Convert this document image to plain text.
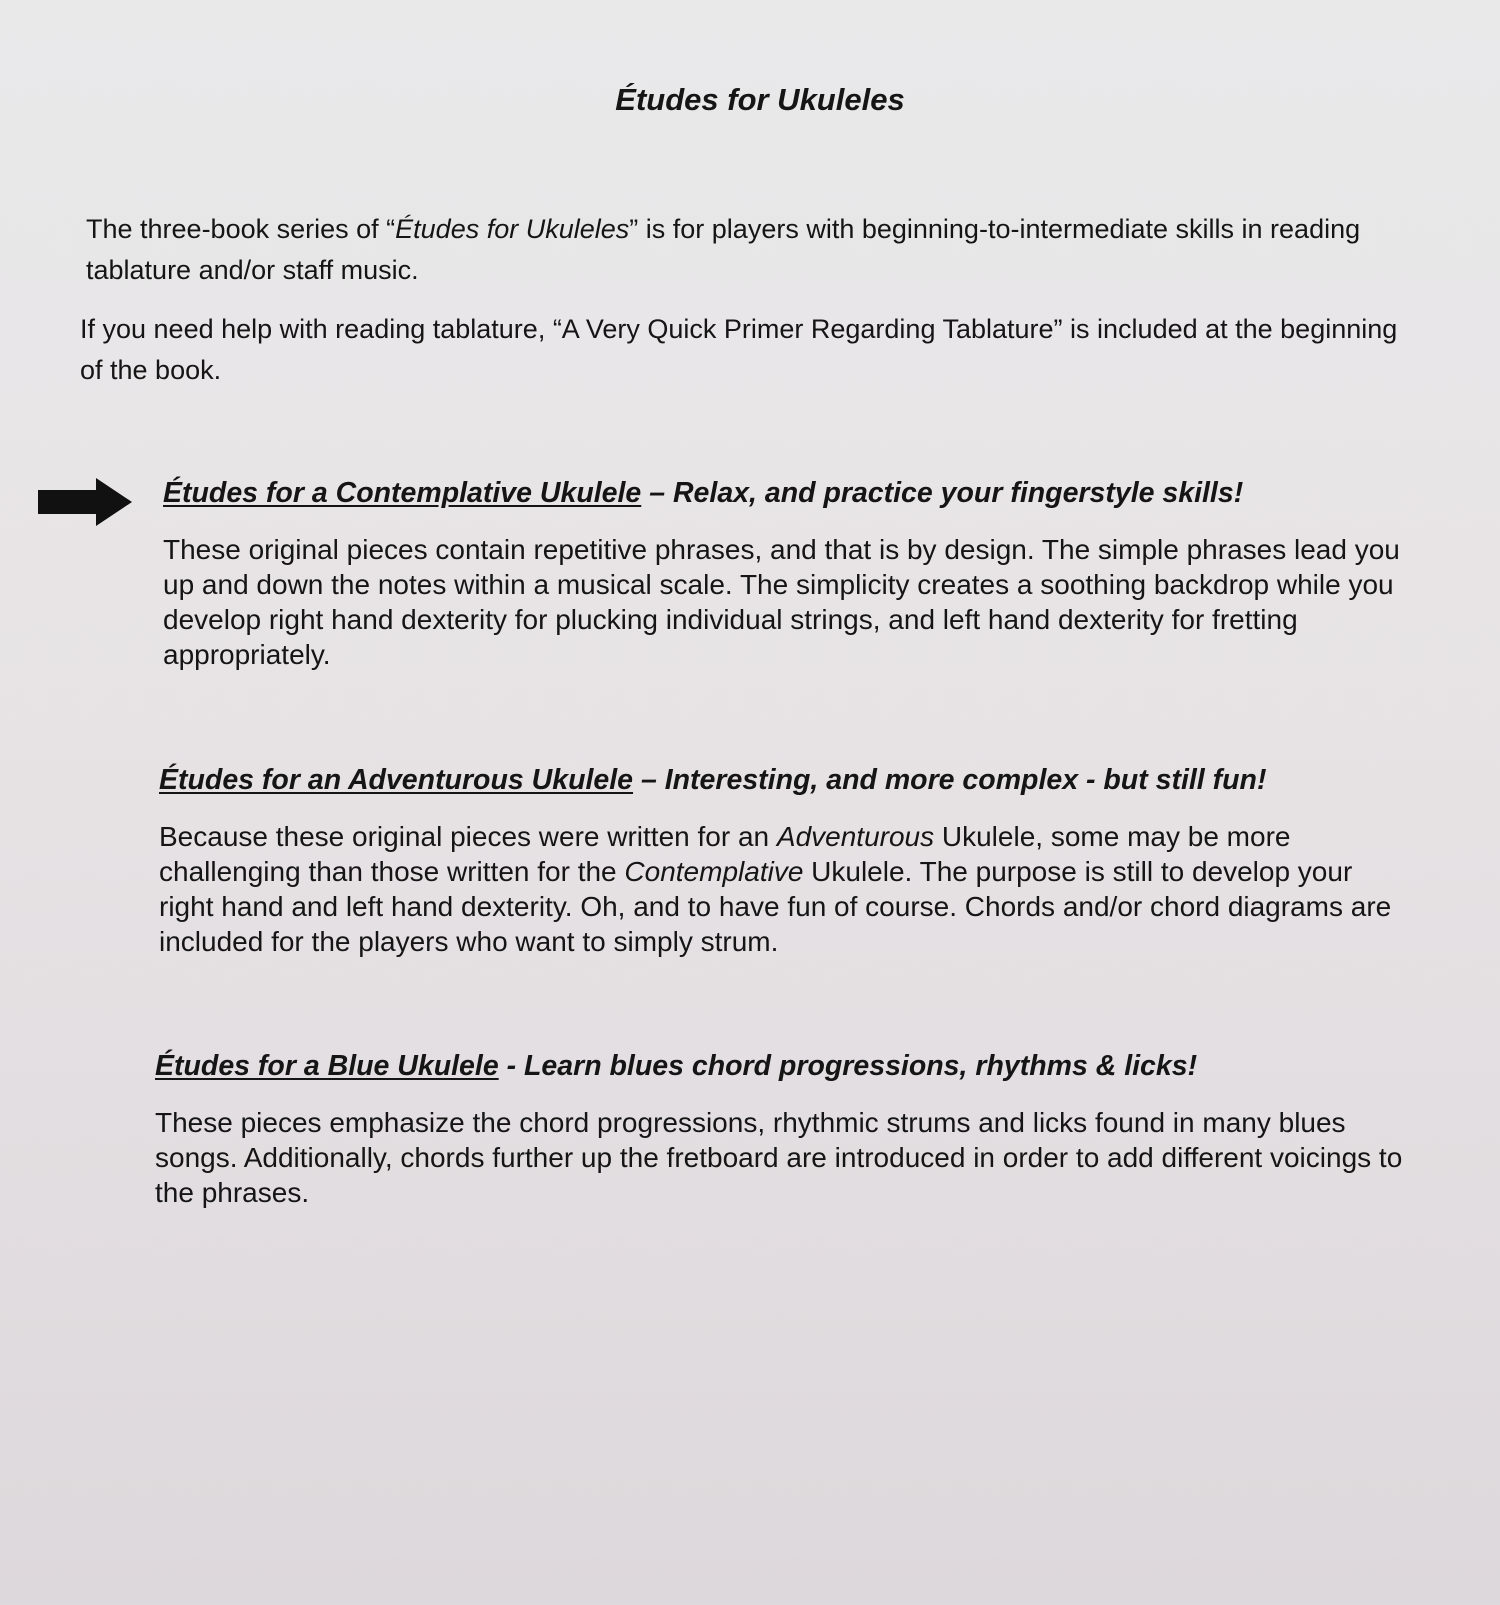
Études for Ukuleles

The three-book series of “Études for Ukuleles” is for players with beginning-to-intermediate skills in reading tablature and/or staff music.

If you need help with reading tablature, “A Very Quick Primer Regarding Tablature” is included at the beginning of the book.

Études for a Contemplative Ukulele – Relax, and practice your fingerstyle skills!

These original pieces contain repetitive phrases, and that is by design. The simple phrases lead you up and down the notes within a musical scale. The simplicity creates a soothing backdrop while you develop right hand dexterity for plucking individual strings, and left hand dexterity for fretting appropriately.

Études for an Adventurous Ukulele – Interesting, and more complex - but still fun!

Because these original pieces were written for an Adventurous Ukulele, some may be more challenging than those written for the Contemplative Ukulele. The purpose is still to develop your right hand and left hand dexterity. Oh, and to have fun of course. Chords and/or chord diagrams are included for the players who want to simply strum.

Études for a Blue Ukulele - Learn blues chord progressions, rhythms & licks!

These pieces emphasize the chord progressions, rhythmic strums and licks found in many blues songs. Additionally, chords further up the fretboard are introduced in order to add different voicings to the phrases.
